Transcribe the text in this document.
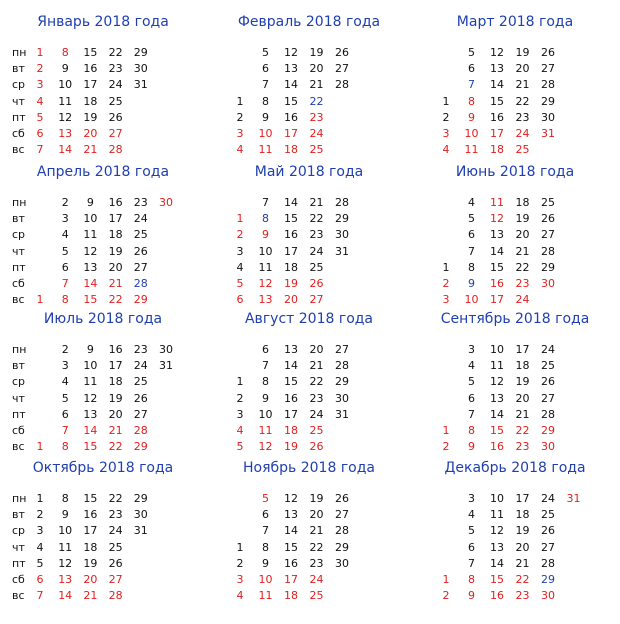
Январь 2018 года
пн
вт
ср
чт
пт
сб
вс
1
2
3
4
5
6
7
8
9
10
11
12
13
14
15
16
17
18
19
20
21
22
23
24
25
26
27
28
29
30
31
Февраль 2018 года
1
2
3
4
5
6
7
8
9
10
11
12
13
14
15
16
17
18
19
20
21
22
23
24
25
26
27
28
Март 2018 года
1
2
3
4
5
6
7
8
9
10
11
12
13
14
15
16
17
18
19
20
21
22
23
24
25
26
27
28
29
30
31
Апрель 2018 года
пн
вт
ср
чт
пт
сб
вс	1
2
3
4
5
6
7
8
9
10
11
12
13
14
15
16
17
18
19
20
21
22
23
24
25
26
27
28
29
30
Май 2018 года
1
2
3
4
5
6
7
8
9
10
11
12
13
14
15
16
17
18
19
20
21
22
23
24
25
26
27
28
29
30
31
Июнь 2018 года
1
2
3
4
5
6
7
8
9
10
11
12
13
14
15
16
17
18
19
20
21
22
23
24
25
26
27
28
29
30
Июль 2018 года
пн
вт
ср
чт
пт
сб
вс	1
2
3
4
5
6
7
8
9
10
11
12
13
14
15
16
17
18
19
20
21
22
23
24
25
26
27
28
29
30
31
Август 2018 года
1
2
3
4
5
6
7
8
9
10
11
12
13
14
15
16
17
18
19
20
21
22
23
24
25
26
27
28
29
30
31
Сентябрь 2018 года
1
2
3
4
5
6
7
8
9
10
11
12
13
14
15
16
17
18
19
20
21
22
23
24
25
26
27
28
29
30
Октябрь 2018 года
пн
вт
ср
чт
пт
сб
вс
1
2
3
4
5
6
7
8
9
10
11
12
13
14
15
16
17
18
19
20
21
22
23
24
25
26
27
28
29
30
31
Ноябрь 2018 года
1
2
3
4
5
6
7
8
9
10
11
12
13
14
15
16
17
18
19
20
21
22
23
24
25
26
27
28
29
30
Декабрь 2018 года
1
2
3
4
5
6
7
8
9
10
11
12
13
14
15
16
17
18
19
20
21
22
23
24
25
26
27
28
29
30
31
